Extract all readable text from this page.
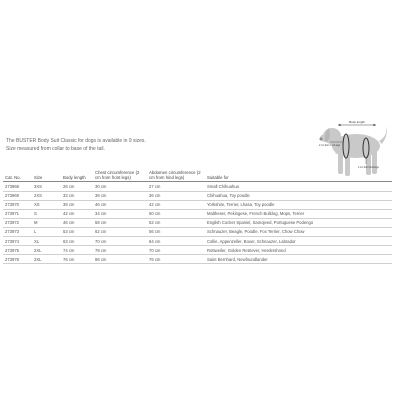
The BUSTER Body Suit Classic for dogs is available in 9 sizes.
Size measured from collar to base of the tail.
Body length
2 cm from front legs
2 cm from hind legs
Cat. No.	Size	Body length	Chest circumference (2 cm from front legs)	Abdomen circumference (2 cm from hind legs)	Suitable for
273968	3XS	26 cm	30 cm	27 cm	Small Chihuahua
273969	2XS	33 cm	38 cm	36 cm	Chihuahua, Toy poodle
273970	XS	39 cm	46 cm	42 cm	Yorkshire, Terrier, Lhasa, Toy poodle
273971	S	42 cm	34 cm	50 cm	Maltheser, Pekingese, French Bulldog, Mops, Terrier
273972	M	46 cm	58 cm	52 cm	English Cocker Spaniel, Samojeed, Portuguese Podengo
273973	L	53 cm	62 cm	56 cm	Schnauzer, Beagle, Poodle, Fox Terrier, Chow Chow
273974	XL	63 cm	70 cm	64 cm	Collie, Appenzeller, Boxer, Schnauzer, Labrador
273975	2XL	74 cm	78 cm	70 cm	Rottweiler, Golden Retriever, Herdershond
273976	3XL	76 cm	86 cm	76 cm	Saint Bernhard, Newfoundlander
